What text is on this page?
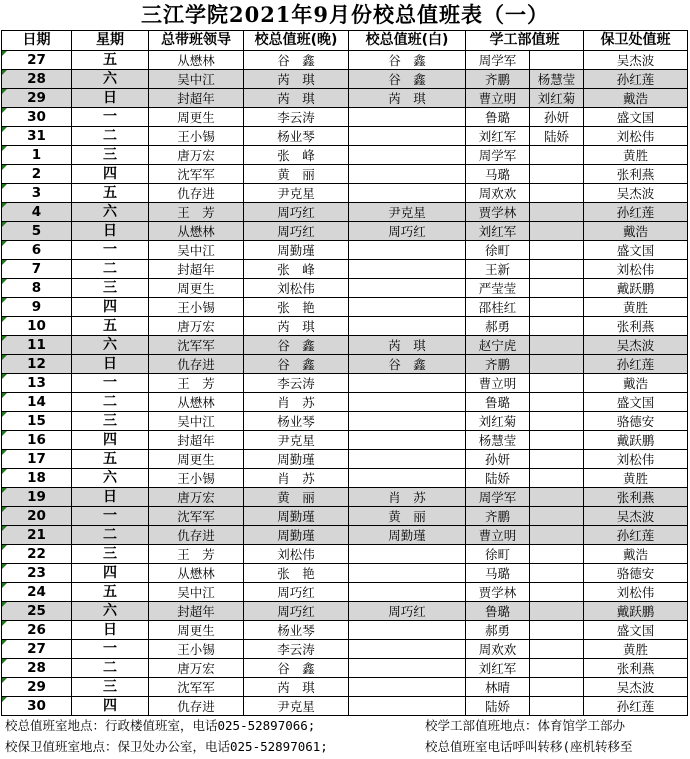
三江学院2021年9月份校总值班表（一）
日期	星期	总带班领导	校总值班(晚)	校总值班(白)	学工部值班		保卫处值班
27	五	从懋林	谷　鑫	谷　鑫	周学军		吴杰波
28	六	吴中江	芮　琪	谷　鑫	齐鹏	杨慧莹	孙红莲
29	日	封超年	芮　琪	芮　琪	曹立明	刘红菊	戴浩
30	一	周更生	李云涛		鲁璐	孙妍	盛文国
31	二	王小锡	杨业琴		刘红军	陆娇	刘松伟
1	三	唐万宏	张　峰		周学军		黄胜
2	四	沈军军	黄　丽		马璐		张利燕
3	五	仇存进	尹克星		周欢欢		吴杰波
4	六	王　芳	周巧红	尹克星	贾学林		孙红莲
5	日	从懋林	周巧红	周巧红	刘红军		戴浩
6	一	吴中江	周勤瑾		徐町		盛文国
7	二	封超年	张　峰		王新		刘松伟
8	三	周更生	刘松伟		严莹莹		戴跃鹏
9	四	王小锡	张　艳		邵桂红		黄胜
10	五	唐万宏	芮　琪		郝勇		张利燕
11	六	沈军军	谷　鑫	芮　琪	赵宁虎		吴杰波
12	日	仇存进	谷　鑫	谷　鑫	齐鹏		孙红莲
13	一	王　芳	李云涛		曹立明		戴浩
14	二	从懋林	肖　苏		鲁璐		盛文国
15	三	吴中江	杨业琴		刘红菊		骆德安
16	四	封超年	尹克星		杨慧莹		戴跃鹏
17	五	周更生	周勤瑾		孙妍		刘松伟
18	六	王小锡	肖　苏		陆娇		黄胜
19	日	唐万宏	黄　丽	肖　苏	周学军		张利燕
20	一	沈军军	周勤瑾	黄　丽	齐鹏		吴杰波
21	二	仇存进	周勤瑾	周勤瑾	曹立明		孙红莲
22	三	王　芳	刘松伟		徐町		戴浩
23	四	从懋林	张　艳		马璐		骆德安
24	五	吴中江	周巧红		贾学林		刘松伟
25	六	封超年	周巧红	周巧红	鲁璐		戴跃鹏
26	日	周更生	杨业琴		郝勇		盛文国
27	一	王小锡	李云涛		周欢欢		黄胜
28	二	唐万宏	谷　鑫		刘红军		张利燕
29	三	沈军军	芮　琪		林晴		吴杰波
30	四	仇存进	尹克星		陆娇		孙红莲
校总值班室地点：行政楼值班室，电话025-52897066;	校学工部值班地点：体育馆学工部办
校保卫值班室地点：保卫处办公室，电话025-52897061;	校总值班室电话呼叫转移(座机转移至
